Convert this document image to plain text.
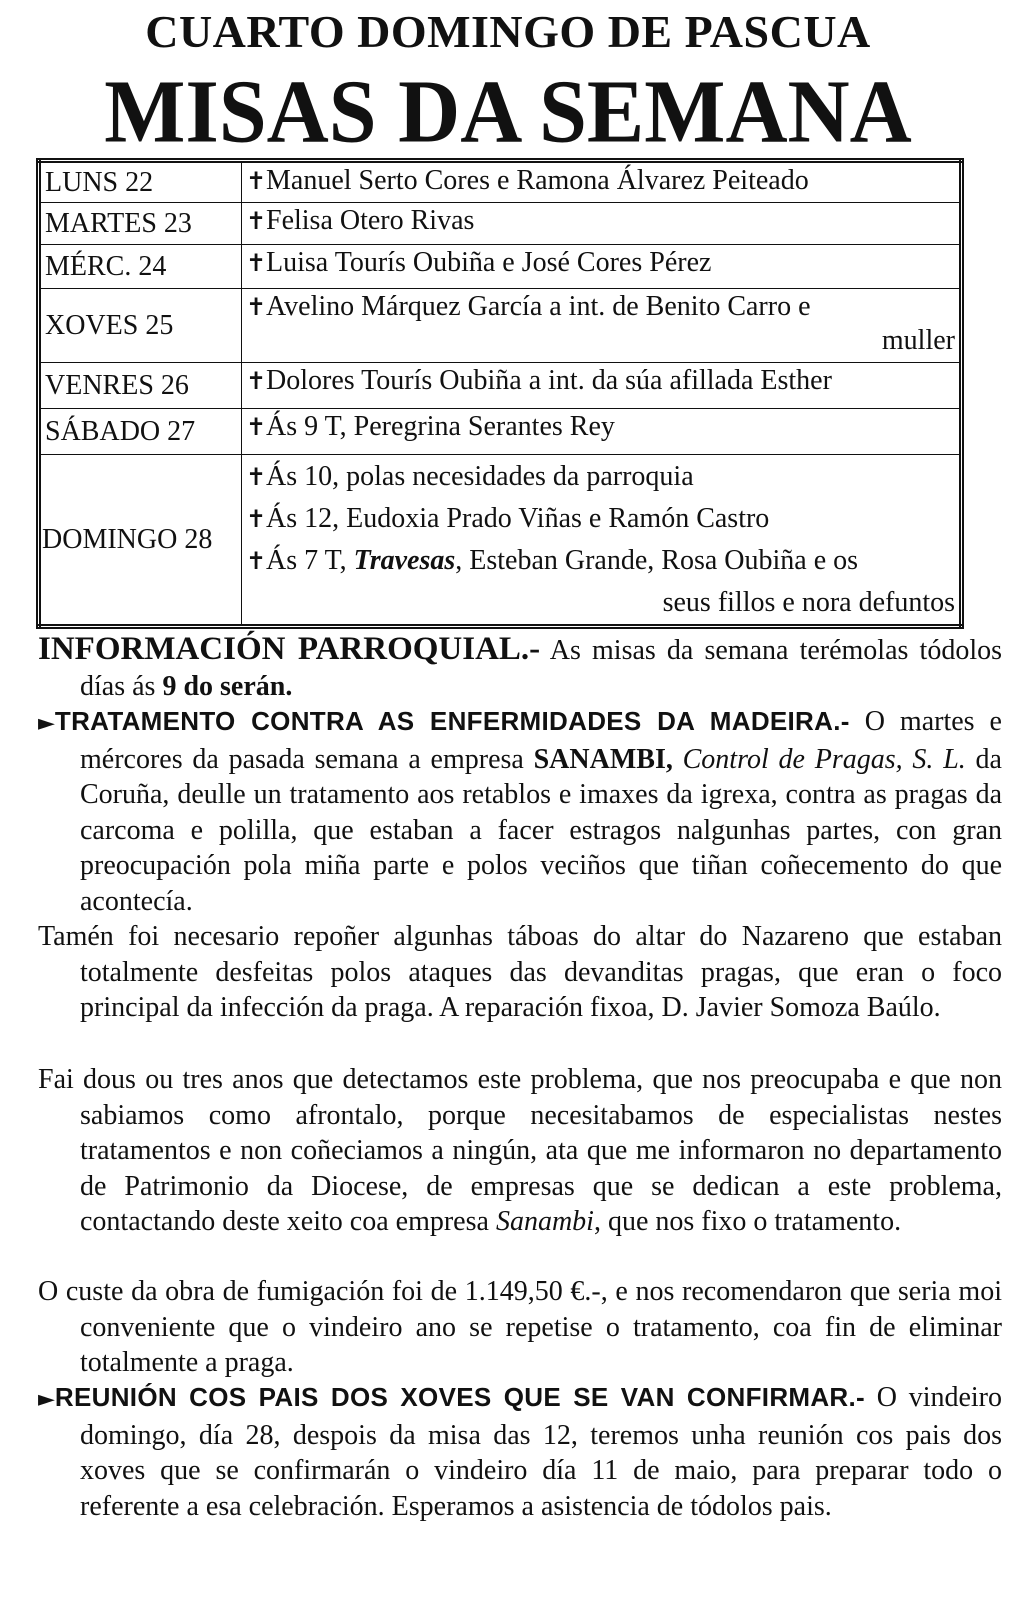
CUARTO DOMINGO DE PASCUA
MISAS DA SEMANA
LUNS 22	✝Manuel Serto Cores e Ramona Álvarez Peiteado
MARTES 23	✝Felisa Otero Rivas
MÉRC. 24	✝Luisa Tourís Oubiña e José Cores Pérez
XOVES 25	✝Avelino Márquez García a int. de Benito Carro e
muller

VENRES 26	✝Dolores Tourís Oubiña a int. da súa afillada Esther
SÁBADO 27	✝Ás 9 T, Peregrina Serantes Rey
DOMINGO 28	✝Ás 10, polas necesidades da parroquia
✝Ás 12, Eudoxia Prado Viñas e Ramón Castro
✝Ás 7 T, Travesas, Esteban Grande, Rosa Oubiña e os
seus fillos e nora defuntos
INFORMACIÓN PARROQUIAL.- As misas da semana terémolas tódolos días ás 9 do serán.
►TRATAMENTO CONTRA AS ENFERMIDADES DA MADEIRA.- O martes e mércores da pasada semana a empresa SANAMBI, Control de Pragas, S. L. da Coruña, deulle un tratamento aos retablos e imaxes da igrexa, contra as pragas da carcoma e polilla, que estaban a facer estragos nalgunhas partes, con gran preocupación pola miña parte e polos veciños que tiñan coñecemento do que acontecía.
Tamén foi necesario repoñer algunhas táboas do altar do Nazareno que estaban totalmente desfeitas polos ataques das devanditas pragas, que eran o foco principal da infección da praga. A reparación fixoa, D. Javier Somoza Baúlo.
Fai dous ou tres anos que detectamos este problema, que nos preocupaba e que non sabiamos como afrontalo, porque necesitabamos de especialistas nestes tratamentos e non coñeciamos a ningún, ata que me informaron no departamento de Patrimonio da Diocese, de empresas que se dedican a este problema, contactando deste xeito coa empresa Sanambi, que nos fixo o tratamento.
O custe da obra de fumigación foi de 1.149,50 €.-, e nos recomendaron que seria moi conveniente que o vindeiro ano se repetise o tratamento, coa fin de eliminar totalmente a praga.
►REUNIÓN COS PAIS DOS XOVES QUE SE VAN CONFIRMAR.- O vindeiro domingo, día 28, despois da misa das 12, teremos unha reunión cos pais dos xoves que se confirmarán o vindeiro día 11 de maio, para preparar todo o referente a esa celebración. Esperamos a asistencia de tódolos pais.
